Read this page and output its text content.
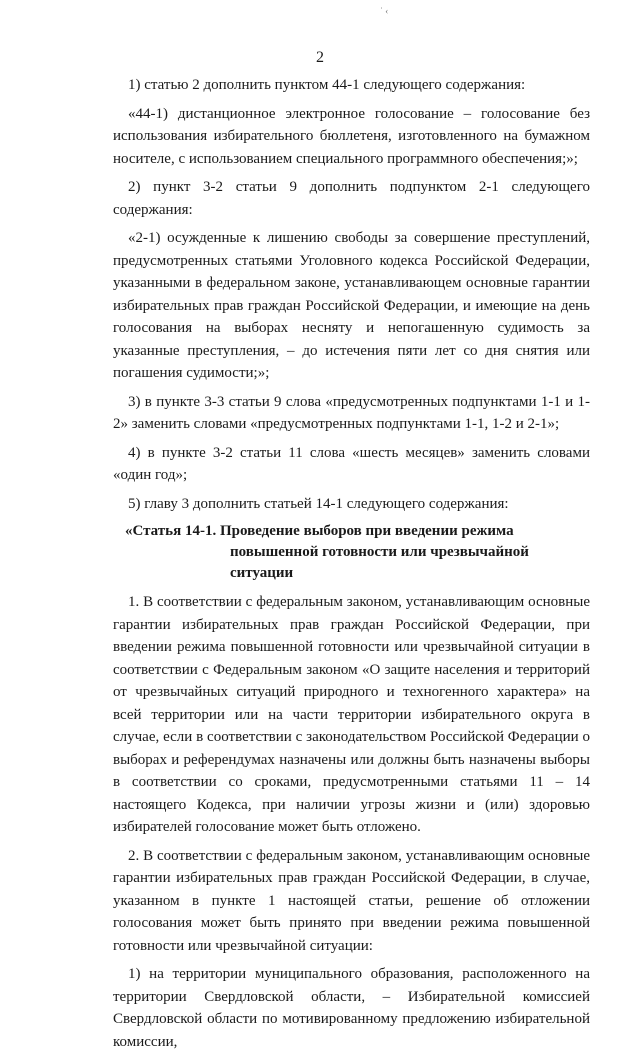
˙ ‹
2

1) статью 2 дополнить пунктом 44-1 следующего содержания:

«44-1) дистанционное электронное голосование – голосование без использования избирательного бюллетеня, изготовленного на бумажном носителе, с использованием специального программного обеспечения;»;

2) пункт 3-2 статьи 9 дополнить подпунктом 2-1 следующего содержания:

«2-1) осужденные к лишению свободы за совершение преступлений, предусмотренных статьями Уголовного кодекса Российской Федерации, указанными в федеральном законе, устанавливающем основные гарантии избирательных прав граждан Российской Федерации, и имеющие на день голосования на выборах несняту и непогашенную судимость за указанные преступления, – до истечения пяти лет со дня снятия или погашения судимости;»;

3) в пункте 3-3 статьи 9 слова «предусмотренных подпунктами 1-1 и 1-2» заменить словами «предусмотренных подпунктами 1-1, 1-2 и 2-1»;

4) в пункте 3-2 статьи 11 слова «шесть месяцев» заменить словами «один год»;

5) главу 3 дополнить статьей 14-1 следующего содержания:

«Статья 14-1. Проведение выборов при введении режима
повышенной готовности или чрезвычайной
ситуации

1. В соответствии с федеральным законом, устанавливающим основные гарантии избирательных прав граждан Российской Федерации, при введении режима повышенной готовности или чрезвычайной ситуации в соответствии с Федеральным законом «О защите населения и территорий от чрезвычайных ситуаций природного и техногенного характера» на всей территории или на части территории избирательного округа в случае, если в соответствии с законодательством Российской Федерации о выборах и референдумах назначены или должны быть назначены выборы в соответствии со сроками, предусмотренными статьями 11 – 14 настоящего Кодекса, при наличии угрозы жизни и (или) здоровью избирателей голосование может быть отложено.

2. В соответствии с федеральным законом, устанавливающим основные гарантии избирательных прав граждан Российской Федерации, в случае, указанном в пункте 1 настоящей статьи, решение об отложении голосования может быть принято при введении режима повышенной готовности или чрезвычайной ситуации:

1) на территории муниципального образования, расположенного на территории Свердловской области, – Избирательной комиссией Свердловской области по мотивированному предложению избирательной комиссии,
